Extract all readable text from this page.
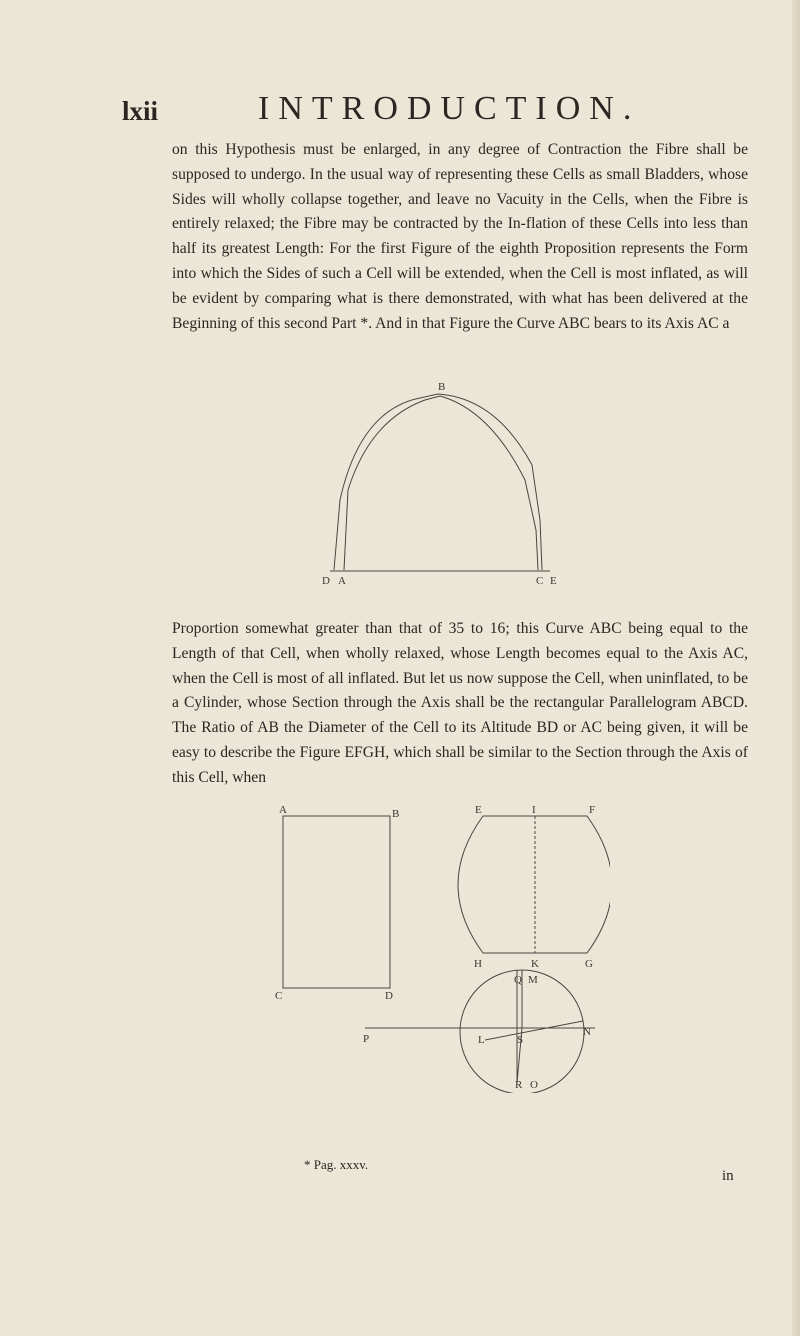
lxii	INTRODUCTION.

on this Hypothesis must be enlarged, in any degree of Contraction the Fibre shall be supposed to undergo. In the usual way of representing these Cells as small Bladders, whose Sides will wholly collapse together, and leave no Vacuity in the Cells, when the Fibre is entirely relaxed; the Fibre may be contracted by the In-flation of these Cells into less than half its greatest Length: For the first Figure of the eighth Proposition represents the Form into which the Sides of such a Cell will be extended, when the Cell is most inflated, as will be evident by comparing what is there demonstrated, with what has been delivered at the Beginning of this second Part *. And in that Figure the Curve ABC bears to its Axis AC a

B
D A	C E

Proportion somewhat greater than that of 35 to 16; this Curve ABC being equal to the Length of that Cell, when wholly relaxed, whose Length becomes equal to the Axis AC, when the Cell is most of all inflated. But let us now suppose the Cell, when uninflated, to be a Cylinder, whose Section through the Axis shall be the rectangular Parallelogram ABCD. The Ratio of AB the Diameter of the Cell to its Altitude BD or AC being given, it will be easy to describe the Figure EFGH, which shall be similar to the Section through the Axis of this Cell, when

A	B
C	D
E	I	F
H	K	G
Q M
P	L	S
N
R O
* Pag. xxxv.
in
